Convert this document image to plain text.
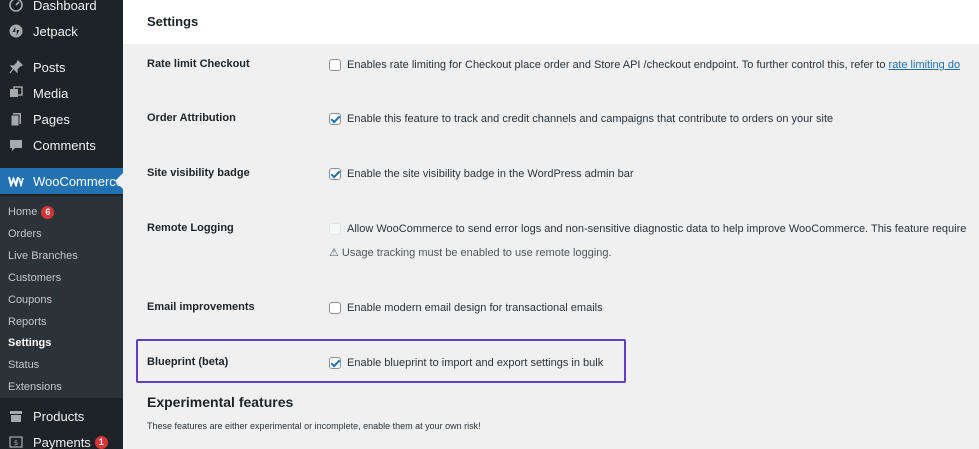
Dashboard
Jetpack
Posts
Media
Pages
Comments
WooCommerce
Home 6
Orders
Live Branches
Customers
Coupons
Reports
Settings
Status
Extensions
Products
$ Payments 1
Settings
Rate limit Checkout	Enables rate limiting for Checkout place order and Store API /checkout endpoint. To further control this, refer to rate limiting do
Order Attribution	Enable this feature to track and credit channels and campaigns that contribute to orders on your site
Site visibility badge	Enable the site visibility badge in the WordPress admin bar
Remote Logging	Allow WooCommerce to send error logs and non-sensitive diagnostic data to help improve WooCommerce. This feature require
⚠ Usage tracking must be enabled to use remote logging.
Email improvements	Enable modern email design for transactional emails
Blueprint (beta)	Enable blueprint to import and export settings in bulk
Experimental features
These features are either experimental or incomplete, enable them at your own risk!
